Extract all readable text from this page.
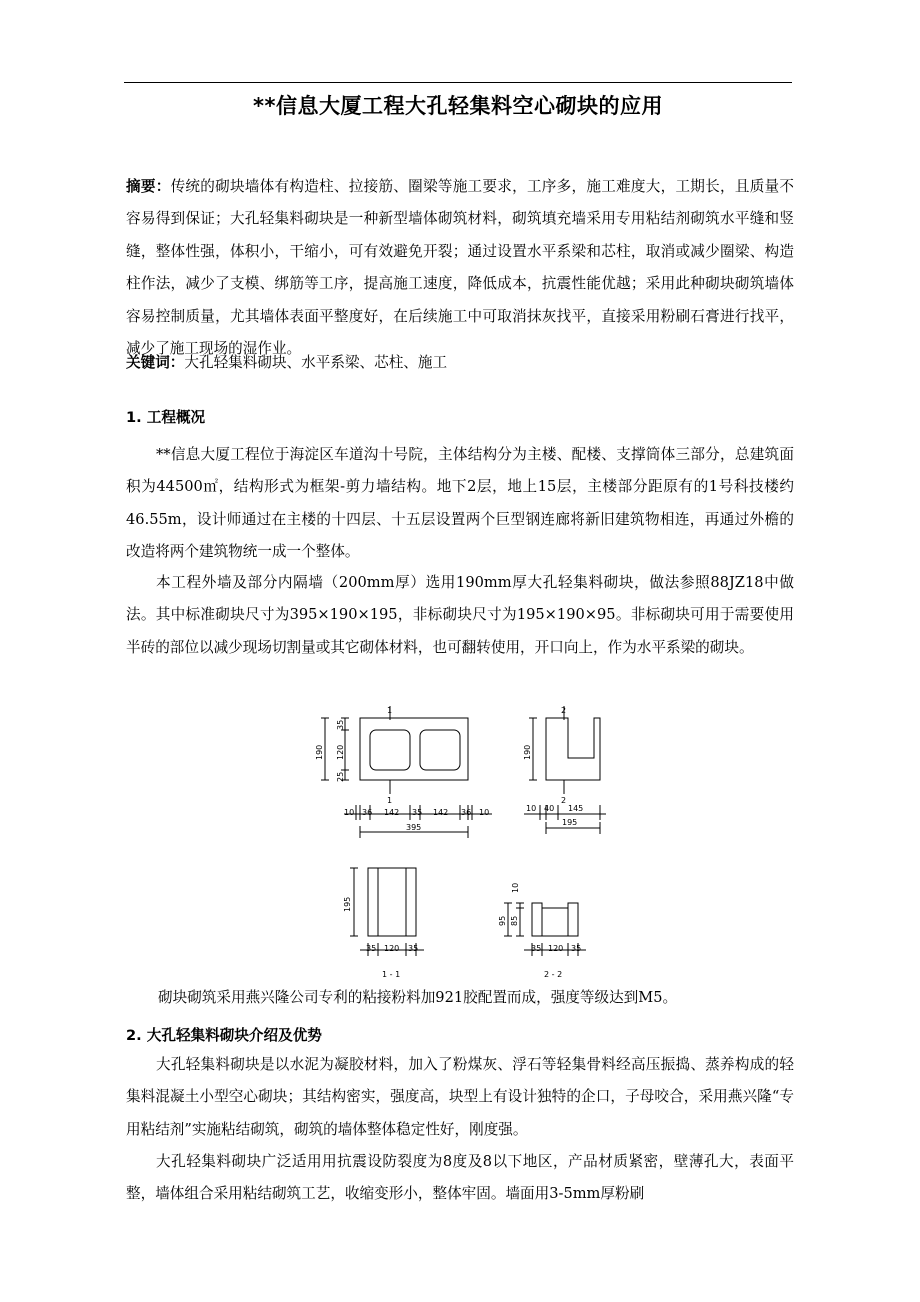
**信息大厦工程大孔轻集料空心砌块的应用
摘要：传统的砌块墙体有构造柱、拉接筋、圈梁等施工要求，工序多，施工难度大，工期长，且质量不容易得到保证；大孔轻集料砌块是一种新型墙体砌筑材料，砌筑填充墙采用专用粘结剂砌筑水平缝和竖缝，整体性强，体积小，干缩小，可有效避免开裂；通过设置水平系梁和芯柱，取消或减少圈梁、构造柱作法，减少了支模、绑筋等工序，提高施工速度，降低成本，抗震性能优越；采用此种砌块砌筑墙体容易控制质量，尤其墙体表面平整度好，在后续施工中可取消抹灰找平，直接采用粉刷石膏进行找平，减少了施工现场的湿作业。
关键词：大孔轻集料砌块、水平系梁、芯柱、施工
1. 工程概况
**信息大厦工程位于海淀区车道沟十号院，主体结构分为主楼、配楼、支撑筒体三部分，总建筑面积为44500㎡，结构形式为框架-剪力墙结构。地下2层，地上15层，主楼部分距原有的1号科技楼约46.55m，设计师通过在主楼的十四层、十五层设置两个巨型钢连廊将新旧建筑物相连，再通过外檐的改造将两个建筑物统一成一个整体。
本工程外墙及部分内隔墙（200mm厚）选用190mm厚大孔轻集料砌块，做法参照88JZ18中做法。其中标准砌块尺寸为395×190×195，非标砌块尺寸为195×190×95。非标砌块可用于需要使用半砖的部位以减少现场切割量或其它砌体材料，也可翻转使用，开口向上，作为水平系梁的砌块。
1
1
190
35
120
25
10 36 142 35 142 36 10
395
2
2
190
10 40 145
195
195
35 120 35
1 - 1
10
95 85
35 120 35
2 - 2
砌块砌筑采用燕兴隆公司专利的粘接粉料加921胶配置而成，强度等级达到M5。
2. 大孔轻集料砌块介绍及优势
大孔轻集料砌块是以水泥为凝胶材料，加入了粉煤灰、浮石等轻集骨料经高压振捣、蒸养构成的轻集料混凝土小型空心砌块；其结构密实，强度高，块型上有设计独特的企口，子母咬合，采用燕兴隆“专用粘结剂”实施粘结砌筑，砌筑的墙体整体稳定性好，刚度强。
大孔轻集料砌块广泛适用用抗震设防裂度为8度及8以下地区，产品材质紧密，壁薄孔大，表面平整，墙体组合采用粘结砌筑工艺，收缩变形小，整体牢固。墙面用3-5mm厚粉刷
